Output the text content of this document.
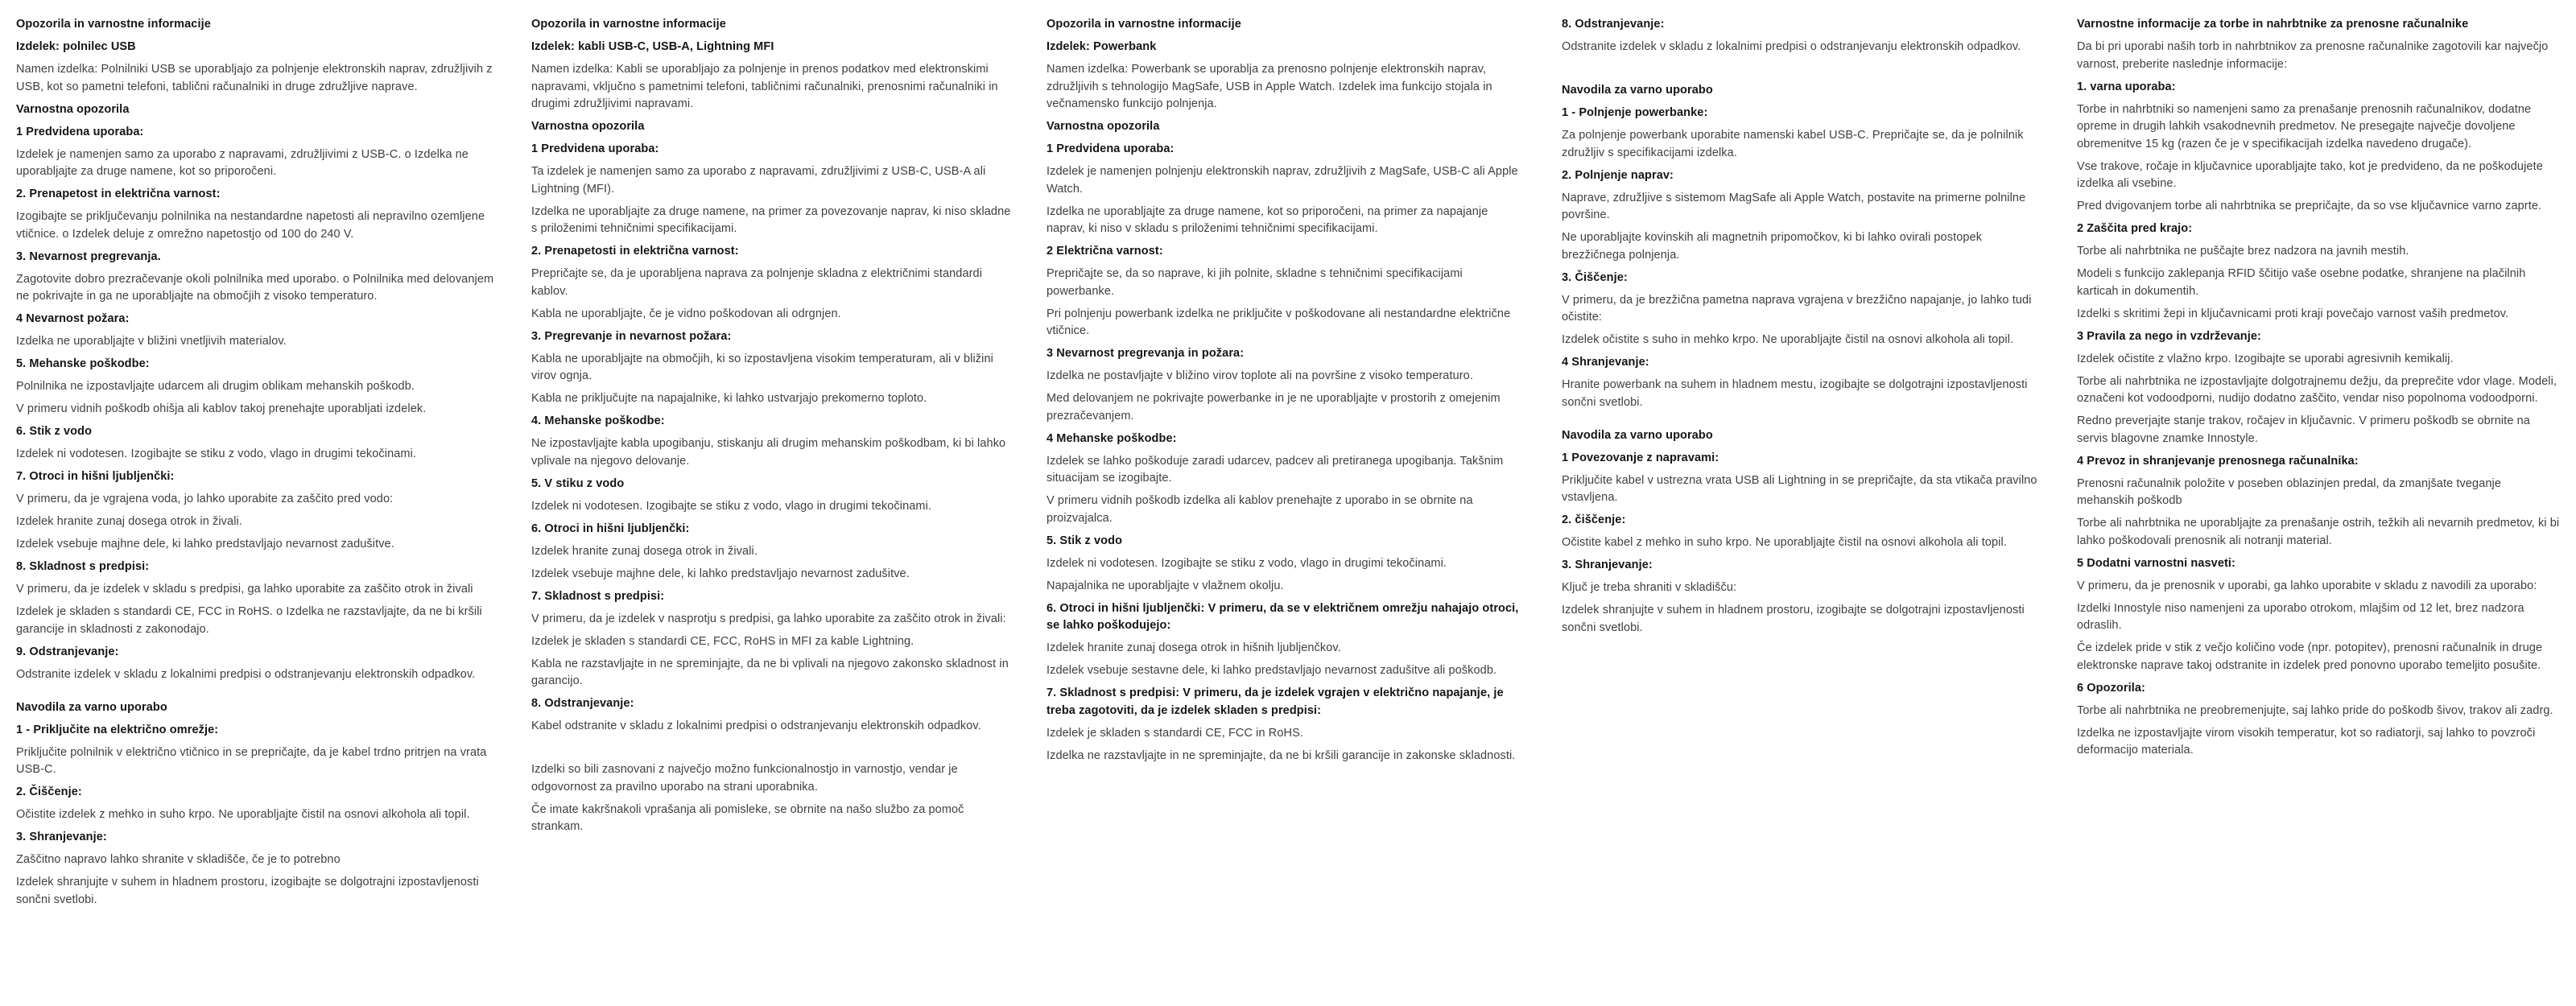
Opozorila in varnostne informacije
Izdelek: polnilec USB
Namen izdelka: Polnilniki USB se uporabljajo za polnjenje elektronskih naprav, združljivih z USB, kot so pametni telefoni, tablični računalniki in druge združljive naprave.
Varnostna opozorila
1 Predvidena uporaba:
Izdelek je namenjen samo za uporabo z napravami, združljivimi z USB-C. o Izdelka ne uporabljajte za druge namene, kot so priporočeni.
2. Prenapetost in električna varnost:
Izogibajte se priključevanju polnilnika na nestandardne napetosti ali nepravilno ozemljene vtičnice. o Izdelek deluje z omrežno napetostjo od 100 do 240 V.
3. Nevarnost pregrevanja.
Zagotovite dobro prezračevanje okoli polnilnika med uporabo. o Polnilnika med delovanjem ne pokrivajte in ga ne uporabljajte na območjih z visoko temperaturo.
4 Nevarnost požara:
Izdelka ne uporabljajte v bližini vnetljivih materialov.
5. Mehanske poškodbe:
Polnilnika ne izpostavljajte udarcem ali drugim oblikam mehanskih poškodb.
V primeru vidnih poškodb ohišja ali kablov takoj prenehajte uporabljati izdelek.
6. Stik z vodo
Izdelek ni vodotesen. Izogibajte se stiku z vodo, vlago in drugimi tekočinami.
7. Otroci in hišni ljubljenčki:
V primeru, da je vgrajena voda, jo lahko uporabite za zaščito pred vodo:
Izdelek hranite zunaj dosega otrok in živali.
Izdelek vsebuje majhne dele, ki lahko predstavljajo nevarnost zadušitve.
8. Skladnost s predpisi:
V primeru, da je izdelek v skladu s predpisi, ga lahko uporabite za zaščito otrok in živali
Izdelek je skladen s standardi CE, FCC in RoHS. o Izdelka ne razstavljajte, da ne bi kršili garancije in skladnosti z zakonodajo.
9. Odstranjevanje:
Odstranite izdelek v skladu z lokalnimi predpisi o odstranjevanju elektronskih odpadkov.
Navodila za varno uporabo
1 - Priključite na električno omrežje:
Priključite polnilnik v električno vtičnico in se prepričajte, da je kabel trdno pritrjen na vrata USB-C.
2. Čiščenje:
Očistite izdelek z mehko in suho krpo. Ne uporabljajte čistil na osnovi alkohola ali topil.
3. Shranjevanje:
Zaščitno napravo lahko shranite v skladišče, če je to potrebno
Izdelek shranjujte v suhem in hladnem prostoru, izogibajte se dolgotrajni izpostavljenosti sončni svetlobi.
Opozorila in varnostne informacije
Izdelek: kabli USB-C, USB-A, Lightning MFI
Namen izdelka: Kabli se uporabljajo za polnjenje in prenos podatkov med elektronskimi napravami, vključno s pametnimi telefoni, tabličnimi računalniki, prenosnimi računalniki in drugimi združljivimi napravami.
Varnostna opozorila
1 Predvidena uporaba:
Ta izdelek je namenjen samo za uporabo z napravami, združljivimi z USB-C, USB-A ali Lightning (MFI).
Izdelka ne uporabljajte za druge namene, na primer za povezovanje naprav, ki niso skladne s priloženimi tehničnimi specifikacijami.
2. Prenapetosti in električna varnost:
Prepričajte se, da je uporabljena naprava za polnjenje skladna z električnimi standardi kablov.
Kabla ne uporabljajte, če je vidno poškodovan ali odrgnjen.
3. Pregrevanje in nevarnost požara:
Kabla ne uporabljajte na območjih, ki so izpostavljena visokim temperaturam, ali v bližini virov ognja.
Kabla ne priključujte na napajalnike, ki lahko ustvarjajo prekomerno toploto.
4. Mehanske poškodbe:
Ne izpostavljajte kabla upogibanju, stiskanju ali drugim mehanskim poškodbam, ki bi lahko vplivale na njegovo delovanje.
5. V stiku z vodo
Izdelek ni vodotesen. Izogibajte se stiku z vodo, vlago in drugimi tekočinami.
6. Otroci in hišni ljubljenčki:
Izdelek hranite zunaj dosega otrok in živali.
Izdelek vsebuje majhne dele, ki lahko predstavljajo nevarnost zadušitve.
7. Skladnost s predpisi:
V primeru, da je izdelek v nasprotju s predpisi, ga lahko uporabite za zaščito otrok in živali:
Izdelek je skladen s standardi CE, FCC, RoHS in MFI za kable Lightning.
Kabla ne razstavljajte in ne spreminjajte, da ne bi vplivali na njegovo zakonsko skladnost in garancijo.
8. Odstranjevanje:
Kabel odstranite v skladu z lokalnimi predpisi o odstranjevanju elektronskih odpadkov.
Izdelki so bili zasnovani z največjo možno funkcionalnostjo in varnostjo, vendar je odgovornost za pravilno uporabo na strani uporabnika.
Če imate kakršnakoli vprašanja ali pomisleke, se obrnite na našo službo za pomoč strankam.
Opozorila in varnostne informacije
Izdelek: Powerbank
Namen izdelka: Powerbank se uporablja za prenosno polnjenje elektronskih naprav, združljivih s tehnologijo MagSafe, USB in Apple Watch. Izdelek ima funkcijo stojala in večnamensko funkcijo polnjenja.
Varnostna opozorila
1 Predvidena uporaba:
Izdelek je namenjen polnjenju elektronskih naprav, združljivih z MagSafe, USB-C ali Apple Watch.
Izdelka ne uporabljajte za druge namene, kot so priporočeni, na primer za napajanje naprav, ki niso v skladu s priloženimi tehničnimi specifikacijami.
2 Električna varnost:
Prepričajte se, da so naprave, ki jih polnite, skladne s tehničnimi specifikacijami powerbanke.
Pri polnjenju powerbank izdelka ne priključite v poškodovane ali nestandardne električne vtičnice.
3 Nevarnost pregrevanja in požara:
Izdelka ne postavljajte v bližino virov toplote ali na površine z visoko temperaturo.
Med delovanjem ne pokrivajte powerbanke in je ne uporabljajte v prostorih z omejenim prezračevanjem.
4 Mehanske poškodbe:
Izdelek se lahko poškoduje zaradi udarcev, padcev ali pretiranega upogibanja. Takšnim situacijam se izogibajte.
V primeru vidnih poškodb izdelka ali kablov prenehajte z uporabo in se obrnite na proizvajalca.
5. Stik z vodo
Izdelek ni vodotesen. Izogibajte se stiku z vodo, vlago in drugimi tekočinami.
Napajalnika ne uporabljajte v vlažnem okolju.
6. Otroci in hišni ljubljenčki: V primeru, da se v električnem omrežju nahajajo otroci, se lahko poškodujejo:
Izdelek hranite zunaj dosega otrok in hišnih ljubljenčkov.
Izdelek vsebuje sestavne dele, ki lahko predstavljajo nevarnost zadušitve ali poškodb.
7. Skladnost s predpisi: V primeru, da je izdelek vgrajen v električno napajanje, je treba zagotoviti, da je izdelek skladen s predpisi:
Izdelek je skladen s standardi CE, FCC in RoHS.
Izdelka ne razstavljajte in ne spreminjajte, da ne bi kršili garancije in zakonske skladnosti.
8. Odstranjevanje:
Odstranite izdelek v skladu z lokalnimi predpisi o odstranjevanju elektronskih odpadkov.
Navodila za varno uporabo
1 - Polnjenje powerbanke:
Za polnjenje powerbank uporabite namenski kabel USB-C. Prepričajte se, da je polnilnik združljiv s specifikacijami izdelka.
2. Polnjenje naprav:
Naprave, združljive s sistemom MagSafe ali Apple Watch, postavite na primerne polnilne površine.
Ne uporabljajte kovinskih ali magnetnih pripomočkov, ki bi lahko ovirali postopek brezžičnega polnjenja.
3. Čiščenje:
V primeru, da je brezžična pametna naprava vgrajena v brezžično napajanje, jo lahko tudi očistite:
Izdelek očistite s suho in mehko krpo. Ne uporabljajte čistil na osnovi alkohola ali topil.
4 Shranjevanje:
Hranite powerbank na suhem in hladnem mestu, izogibajte se dolgotrajni izpostavljenosti sončni svetlobi.
Navodila za varno uporabo
1 Povezovanje z napravami:
Priključite kabel v ustrezna vrata USB ali Lightning in se prepričajte, da sta vtikača pravilno vstavljena.
2. čiščenje:
Očistite kabel z mehko in suho krpo. Ne uporabljajte čistil na osnovi alkohola ali topil.
3. Shranjevanje:
Ključ je treba shraniti v skladišču:
Izdelek shranjujte v suhem in hladnem prostoru, izogibajte se dolgotrajni izpostavljenosti sončni svetlobi.
Varnostne informacije za torbe in nahrbtnike za prenosne računalnike
Da bi pri uporabi naših torb in nahrbtnikov za prenosne računalnike zagotovili kar največjo varnost, preberite naslednje informacije:
1. varna uporaba:
Torbe in nahrbtniki so namenjeni samo za prenašanje prenosnih računalnikov, dodatne opreme in drugih lahkih vsakodnevnih predmetov. Ne presegajte največje dovoljene obremenitve 15 kg (razen če je v specifikacijah izdelka navedeno drugače).
Vse trakove, ročaje in ključavnice uporabljajte tako, kot je predvideno, da ne poškodujete izdelka ali vsebine.
Pred dvigovanjem torbe ali nahrbtnika se prepričajte, da so vse ključavnice varno zaprte.
2 Zaščita pred krajo:
Torbe ali nahrbtnika ne puščajte brez nadzora na javnih mestih.
Modeli s funkcijo zaklepanja RFID ščitijo vaše osebne podatke, shranjene na plačilnih karticah in dokumentih.
Izdelki s skritimi žepi in ključavnicami proti kraji povečajo varnost vaših predmetov.
3 Pravila za nego in vzdrževanje:
Izdelek očistite z vlažno krpo. Izogibajte se uporabi agresivnih kemikalij.
Torbe ali nahrbtnika ne izpostavljajte dolgotrajnemu dežju, da preprečite vdor vlage. Modeli, označeni kot vodoodporni, nudijo dodatno zaščito, vendar niso popolnoma vodoodporni.
Redno preverjajte stanje trakov, ročajev in ključavnic. V primeru poškodb se obrnite na servis blagovne znamke Innostyle.
4 Prevoz in shranjevanje prenosnega računalnika:
Prenosni računalnik položite v poseben oblazinjen predal, da zmanjšate tveganje mehanskih poškodb
Torbe ali nahrbtnika ne uporabljajte za prenašanje ostrih, težkih ali nevarnih predmetov, ki bi lahko poškodovali prenosnik ali notranji material.
5 Dodatni varnostni nasveti:
V primeru, da je prenosnik v uporabi, ga lahko uporabite v skladu z navodili za uporabo:
Izdelki Innostyle niso namenjeni za uporabo otrokom, mlajšim od 12 let, brez nadzora odraslih.
Če izdelek pride v stik z večjo količino vode (npr. potopitev), prenosni računalnik in druge elektronske naprave takoj odstranite in izdelek pred ponovno uporabo temeljito posušite.
6 Opozorila:
Torbe ali nahrbtnika ne preobremenjujte, saj lahko pride do poškodb šivov, trakov ali zadrg.
Izdelka ne izpostavljajte virom visokih temperatur, kot so radiatorji, saj lahko to povzroči deformacijo materiala.
